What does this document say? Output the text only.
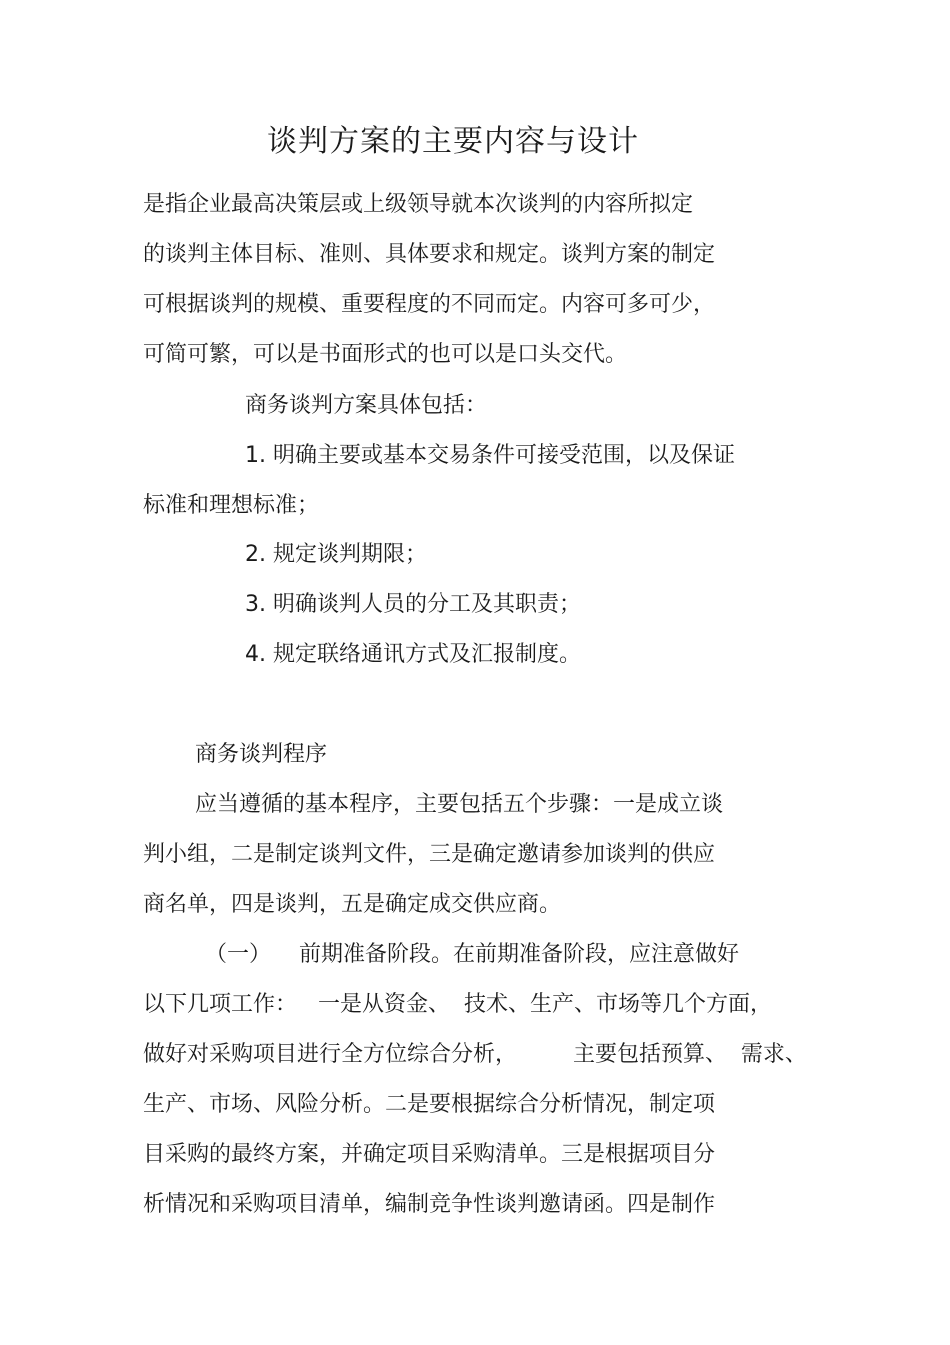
谈判方案的主要内容与设计
是指企业最高决策层或上级领导就本次谈判的内容所拟定
的谈判主体目标、准则、具体要求和规定。谈判方案的制定
可根据谈判的规模、重要程度的不同而定。内容可多可少，
可简可繁，可以是书面形式的也可以是口头交代。
商务谈判方案具体包括：
1. 明确主要或基本交易条件可接受范围，以及保证
标准和理想标准；
2. 规定谈判期限；
3. 明确谈判人员的分工及其职责；
4. 规定联络通讯方式及汇报制度。
商务谈判程序
应当遵循的基本程序，主要包括五个步骤：一是成立谈
判小组，二是制定谈判文件，三是确定邀请参加谈判的供应
商名单，四是谈判，五是确定成交供应商。
（一）    前期准备阶段。在前期准备阶段，应注意做好
以下几项工作：   一是从资金、  技术、生产、市场等几个方面，
做好对采购项目进行全方位综合分析，        主要包括预算、  需求、
生产、市场、风险分析。二是要根据综合分析情况，制定项
目采购的最终方案，并确定项目采购清单。三是根据项目分
析情况和采购项目清单，编制竞争性谈判邀请函。四是制作
